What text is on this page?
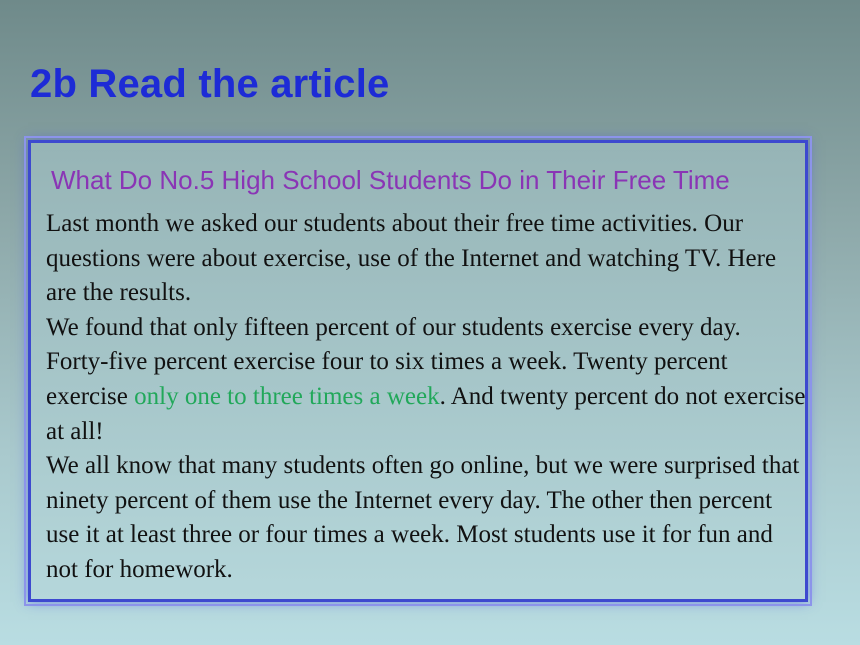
2b Read the article
What Do No.5 High School Students Do in Their Free Time

Last month we asked our students about their free time activities. Our questions were about exercise, use of the Internet and watching TV. Here are the results.

We found that only fifteen percent of our students exercise every day. Forty-five percent exercise four to six times a week. Twenty percent exercise only one to three times a week. And twenty percent do not exercise at all!

We all know that many students often go online, but we were surprised that ninety percent of them use the Internet every day. The other then percent use it at least three or four times a week. Most students use it for fun and not for homework.
